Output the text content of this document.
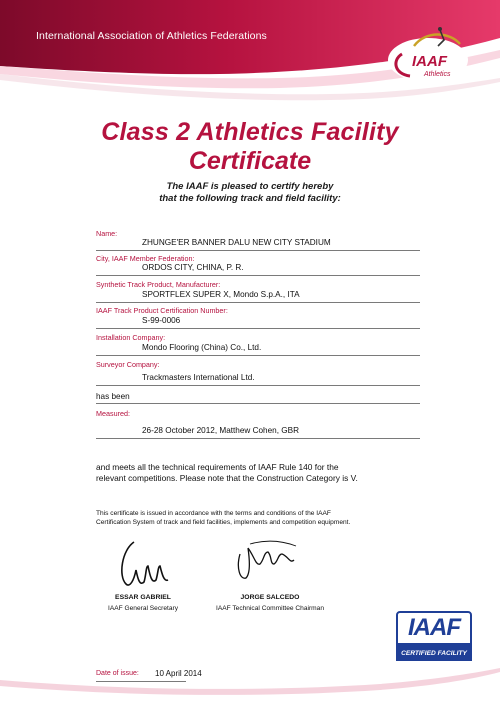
International Association of Athletics Federations
IAAF
Athletics
Class 2 Athletics Facility
Certificate
The IAAF is pleased to certify hereby
that the following track and field facility:
Name:
ZHUNGE'ER BANNER DALU NEW CITY STADIUM
City, IAAF Member Federation:
ORDOS CITY, CHINA, P. R.
Synthetic Track Product, Manufacturer:
SPORTFLEX SUPER X, Mondo S.p.A., ITA
IAAF Track Product Certification Number:
S-99-0006
Installation Company:
Mondo Flooring (China) Co., Ltd.
Surveyor Company:
Trackmasters International Ltd.
has been
Measured:
26-28 October 2012, Matthew Cohen, GBR
and meets all the technical requirements of IAAF Rule 140 for the
relevant competitions. Please note that the Construction Category is V.
This certificate is issued in accordance with the terms and conditions of the IAAF
Certification System of track and field facilities, implements and competition equipment.
ESSAR GABRIEL
IAAF General Secretary
JORGE SALCEDO
IAAF Technical Committee Chairman
IAAF
CERTIFIED FACILITY
Date of issue: 10 April 2014
